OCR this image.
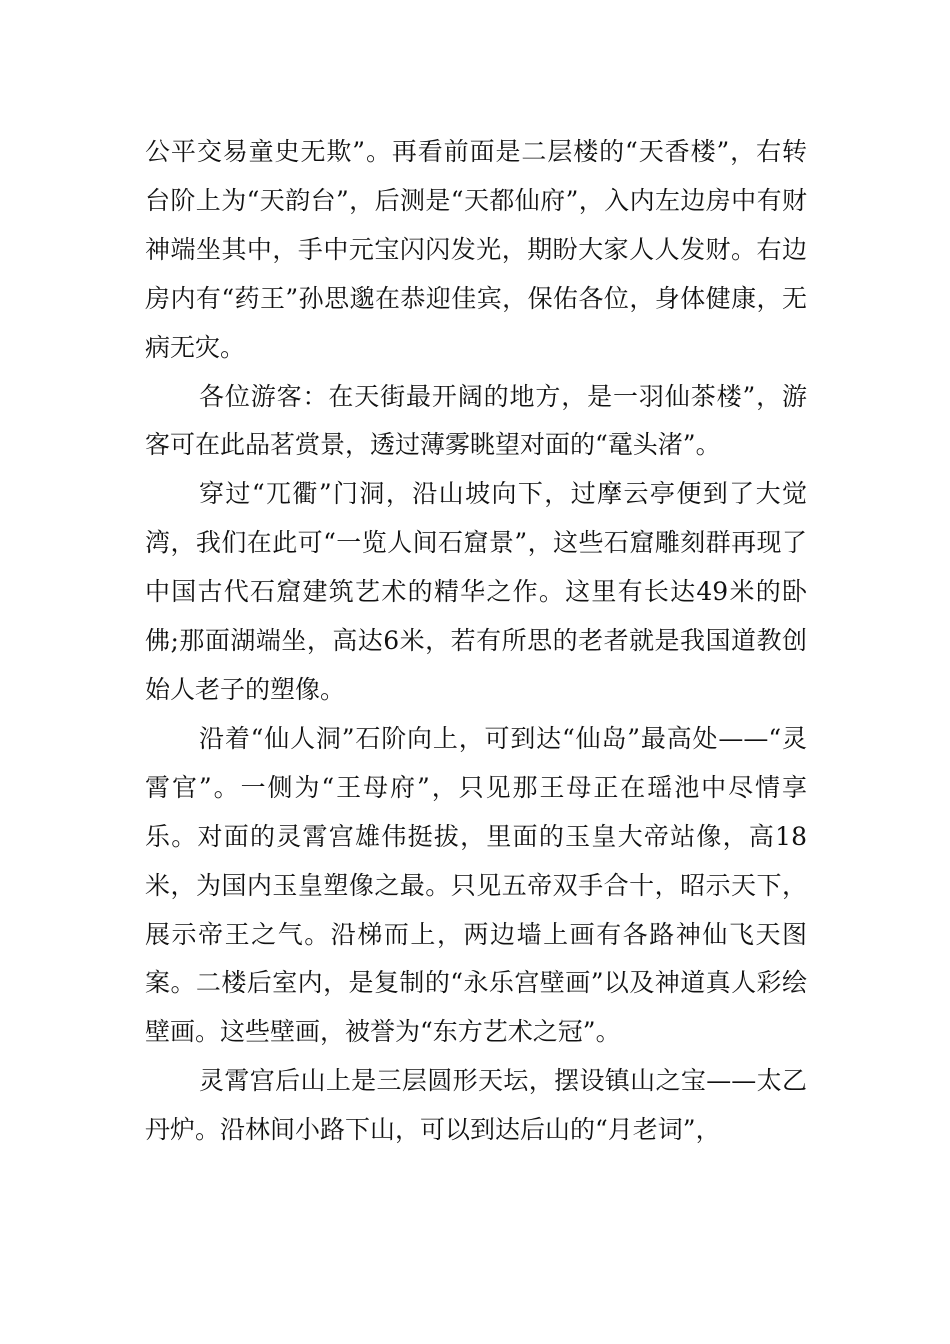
公平交易童史无欺”。再看前面是二层楼的“天香楼”，右转台阶上为“天韵台”，后测是“天都仙府”，入内左边房中有财神端坐其中，手中元宝闪闪发光，期盼大家人人发财。右边房内有“药王”孙思邈在恭迎佳宾，保佑各位，身体健康，无病无灾。

各位游客：在天街最开阔的地方，是一羽仙茶楼”，游客可在此品茗赏景，透过薄雾眺望对面的“鼋头渚”。

穿过“兀衢”门洞，沿山坡向下，过摩云亭便到了大觉湾，我们在此可“一览人间石窟景”，这些石窟雕刻群再现了中国古代石窟建筑艺术的精华之作。这里有长达49米的卧佛;那面湖端坐，高达6米，若有所思的老者就是我国道教创始人老子的塑像。

沿着“仙人洞”石阶向上，可到达“仙岛”最高处——“灵霄官”。一侧为“王母府”，只见那王母正在瑶池中尽情享乐。对面的灵霄宫雄伟挺拔，里面的玉皇大帝站像，高18米，为国内玉皇塑像之最。只见五帝双手合十，昭示天下，展示帝王之气。沿梯而上，两边墙上画有各路神仙飞天图案。二楼后室内，是复制的“永乐宫壁画”以及神道真人彩绘壁画。这些壁画，被誉为“东方艺术之冠”。

灵霄宫后山上是三层圆形天坛，摆设镇山之宝——太乙丹炉。沿林间小路下山，可以到达后山的“月老词”，
